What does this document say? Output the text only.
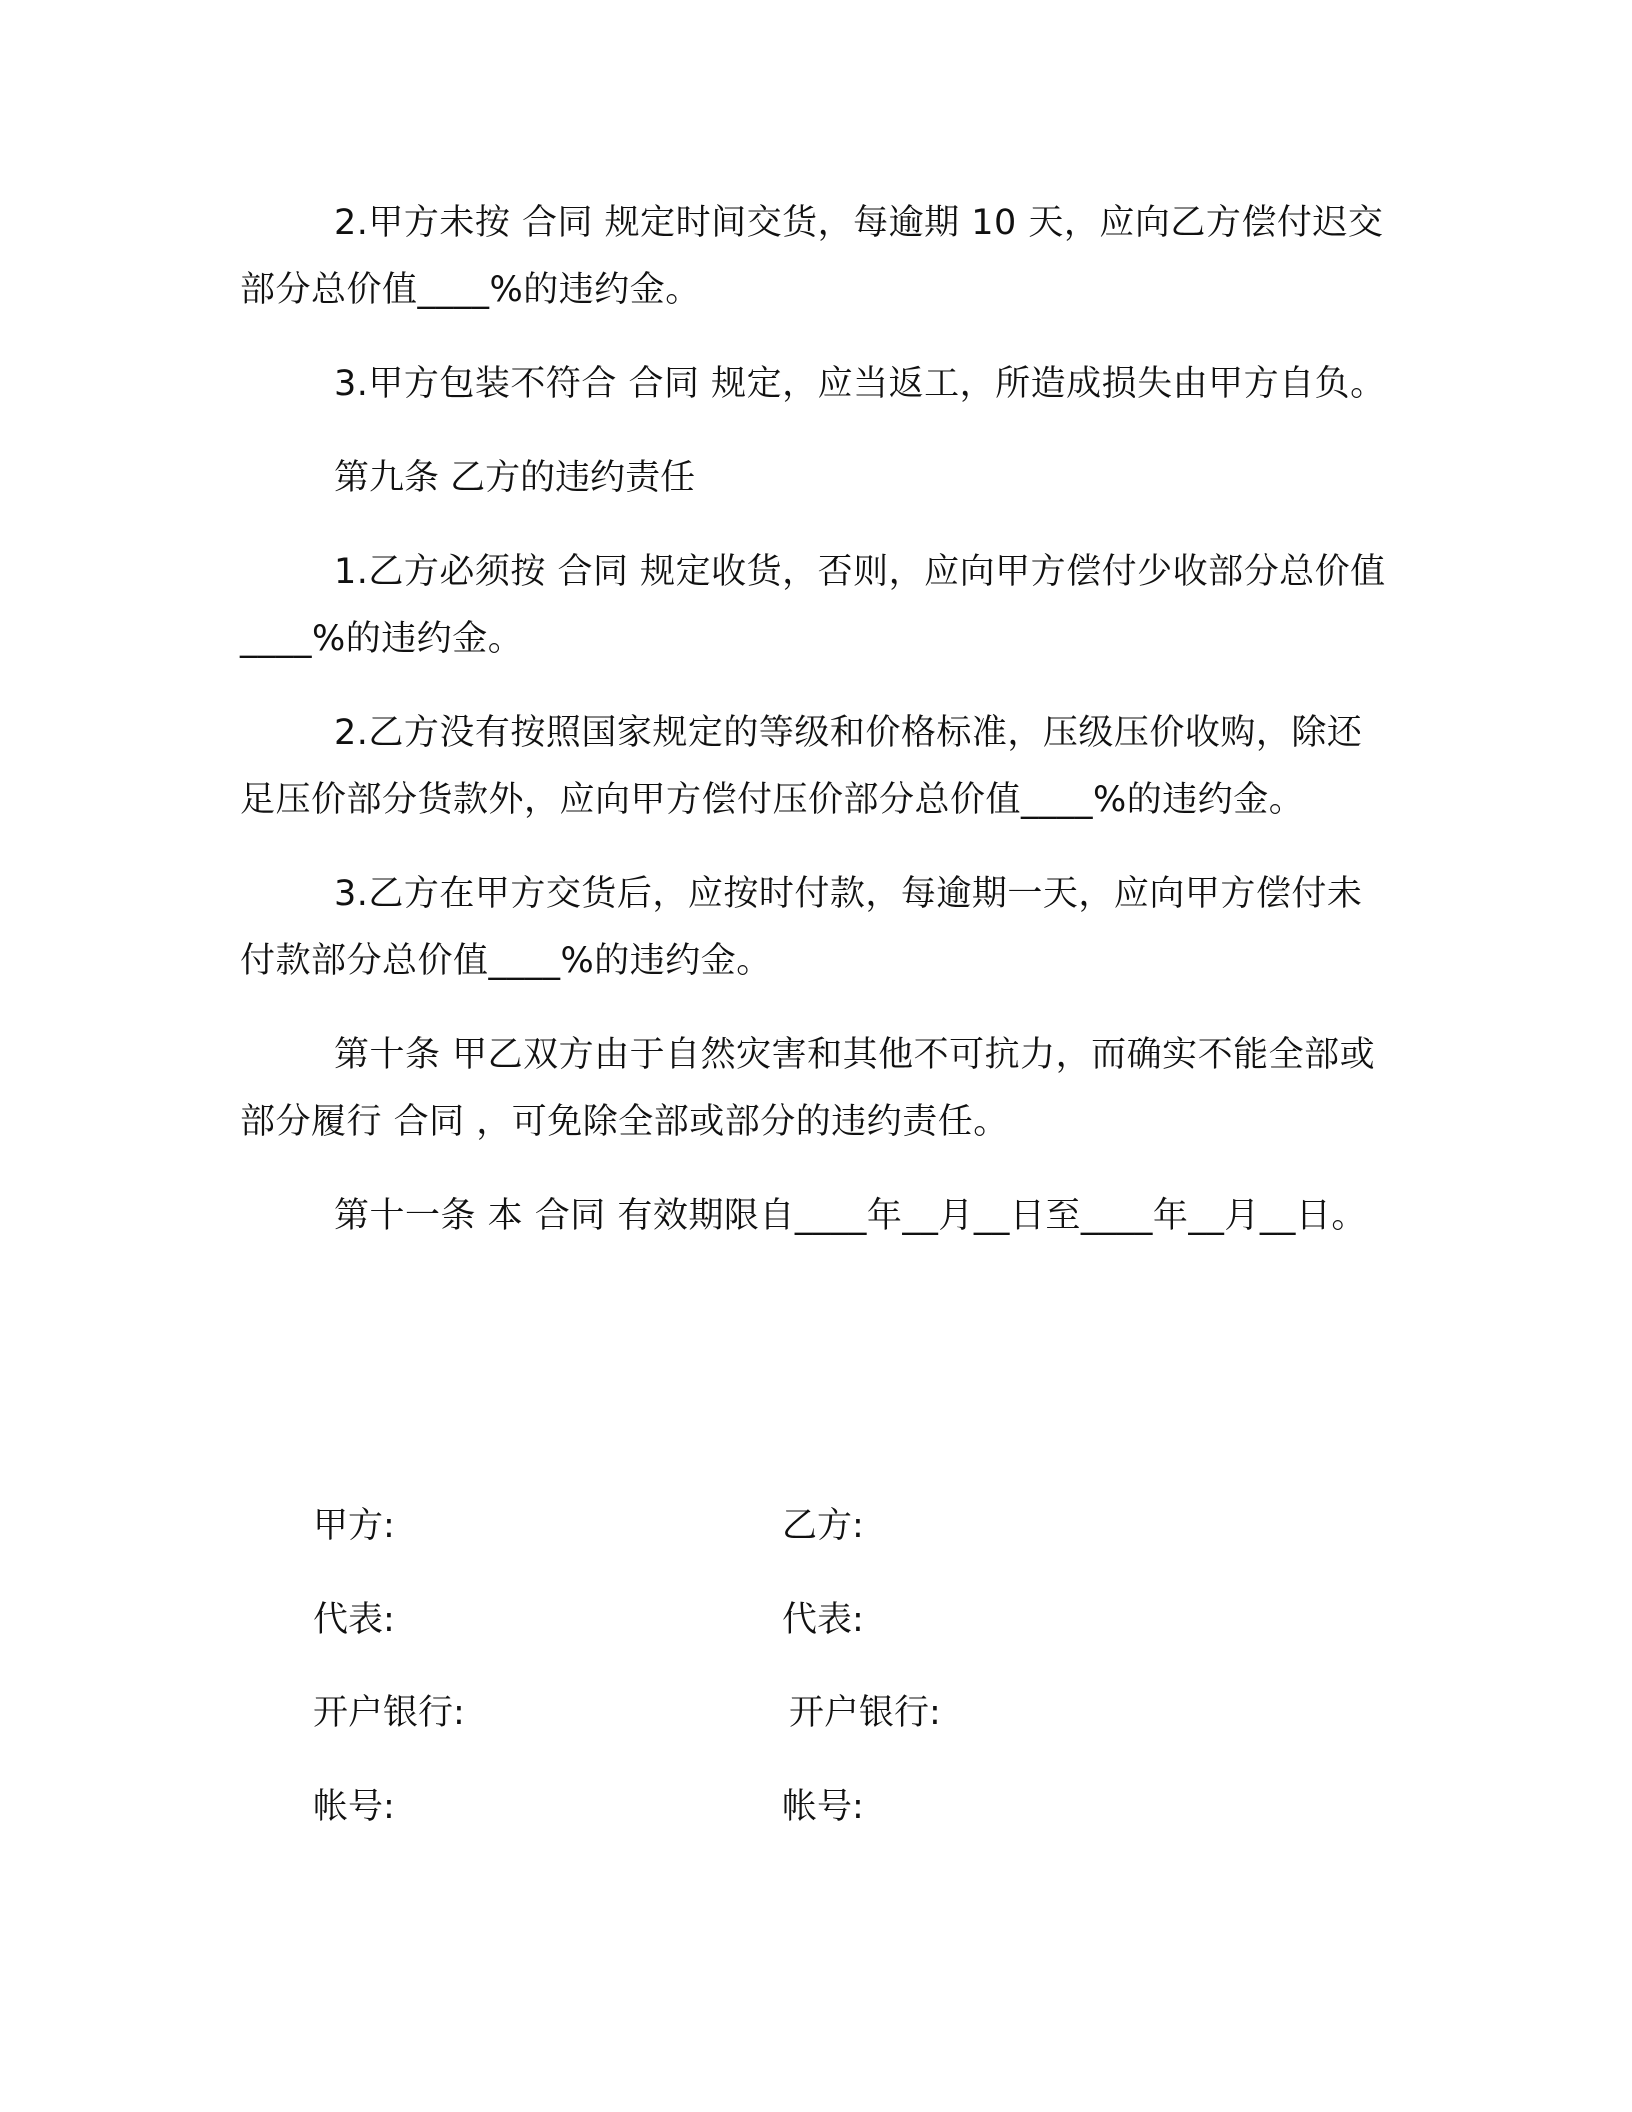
2.甲方未按 合同 规定时间交货，每逾期 10 天，应向乙方偿付迟交部分总价值____%的违约金。

3.甲方包装不符合 合同 规定，应当返工，所造成损失由甲方自负。

第九条 乙方的违约责任

1.乙方必须按 合同 规定收货，否则，应向甲方偿付少收部分总价值____%的违约金。

2.乙方没有按照国家规定的等级和价格标准，压级压价收购，除还足压价部分货款外，应向甲方偿付压价部分总价值____%的违约金。

3.乙方在甲方交货后，应按时付款，每逾期一天，应向甲方偿付未付款部分总价值____%的违约金。

第十条 甲乙双方由于自然灾害和其他不可抗力，而确实不能全部或部分履行 合同 ，可免除全部或部分的违约责任。

第十一条 本 合同 有效期限自____年__月__日至____年__月__日。

甲方:	乙方:
代表:	代表:
开户银行:	开户银行:
帐号:	帐号:
